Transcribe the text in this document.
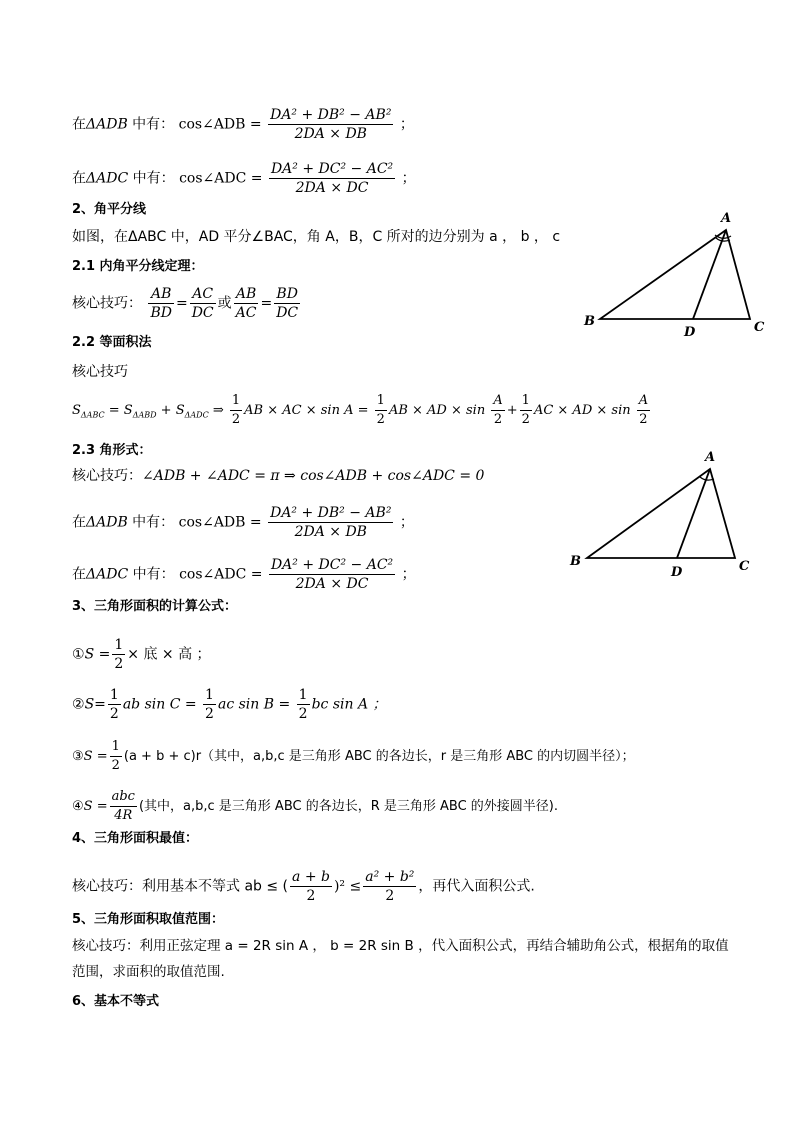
在ΔADB 中有： cos∠ADB = $\frac{\text{DA² + DB² − AB²}}{2DA \times DB}$ ；
在ΔADC 中有： cos∠ADC = $\frac{\text{DA² + DC² − AC²}}{2DA \times DC}$ ；
2、角平分线
如图，在ΔABC 中，AD 平分∠BAC，角 A，B，C 所对的边分别为 a ， b ， c
2.1 内角平分线定理：
核心技巧： $\frac{AB}{BD} = \frac{AC}{DC}$ 或 $\frac{AB}{AC} = \frac{BD}{DC}$
2.2 等面积法
核心技巧
$S_{\Delta ABC} = S_{\Delta ABD} + S_{\Delta ADC}$ ⇒ $\frac{1}{2}$ AB × AC × $\sin A = \frac{1}{2}$ AB × AD × $\sin \frac{A}{2} + \frac{1}{2}$ AC × AD × $\sin \frac{A}{2}$
2.3 角形式：
核心技巧：∠ADB + ∠ADC = π ⇒ cos∠ADB + cos∠ADC = 0
在ΔADB 中有： cos∠ADB = $\frac{\text{DA² + DB² − AB²}}{2DA \times DB}$ ；
在ΔADC 中有： cos∠ADC = $\frac{\text{DA² + DC² − AC²}}{2DA \times DC}$ ；
3、三角形面积的计算公式：
①S = $\frac{1}{2}$ × 底 × 高 ；
②S= $\frac{1}{2}$ ab $\sin C = \frac{1}{2}$ ac $\sin B = \frac{1}{2}$ bc sin A ；
③S = $\frac{1}{2} (a + b + c)r$（其中，a,b,c 是三角形 ABC 的各边长，r 是三角形 ABC 的内切圆半径）；
④S = $\frac{\text{abc}}{4R}$ (其中，a,b,c 是三角形 ABC 的各边长，R 是三角形 ABC 的外接圆半径).
4、三角形面积最值：
核心技巧：利用基本不等式 ab ≤ ( $\frac{a + b}{2} )^2 \le \frac{\text{a² + b²}}{2}$ ，再代入面积公式.
5、三角形面积取值范围：
核心技巧：利用正弦定理 a = 2R sin A ， b = 2R sin B ，代入面积公式，再结合辅助角公式，根据角的取值
范围，求面积的取值范围.
6、基本不等式
A
B	C
D
A
B	C
D
